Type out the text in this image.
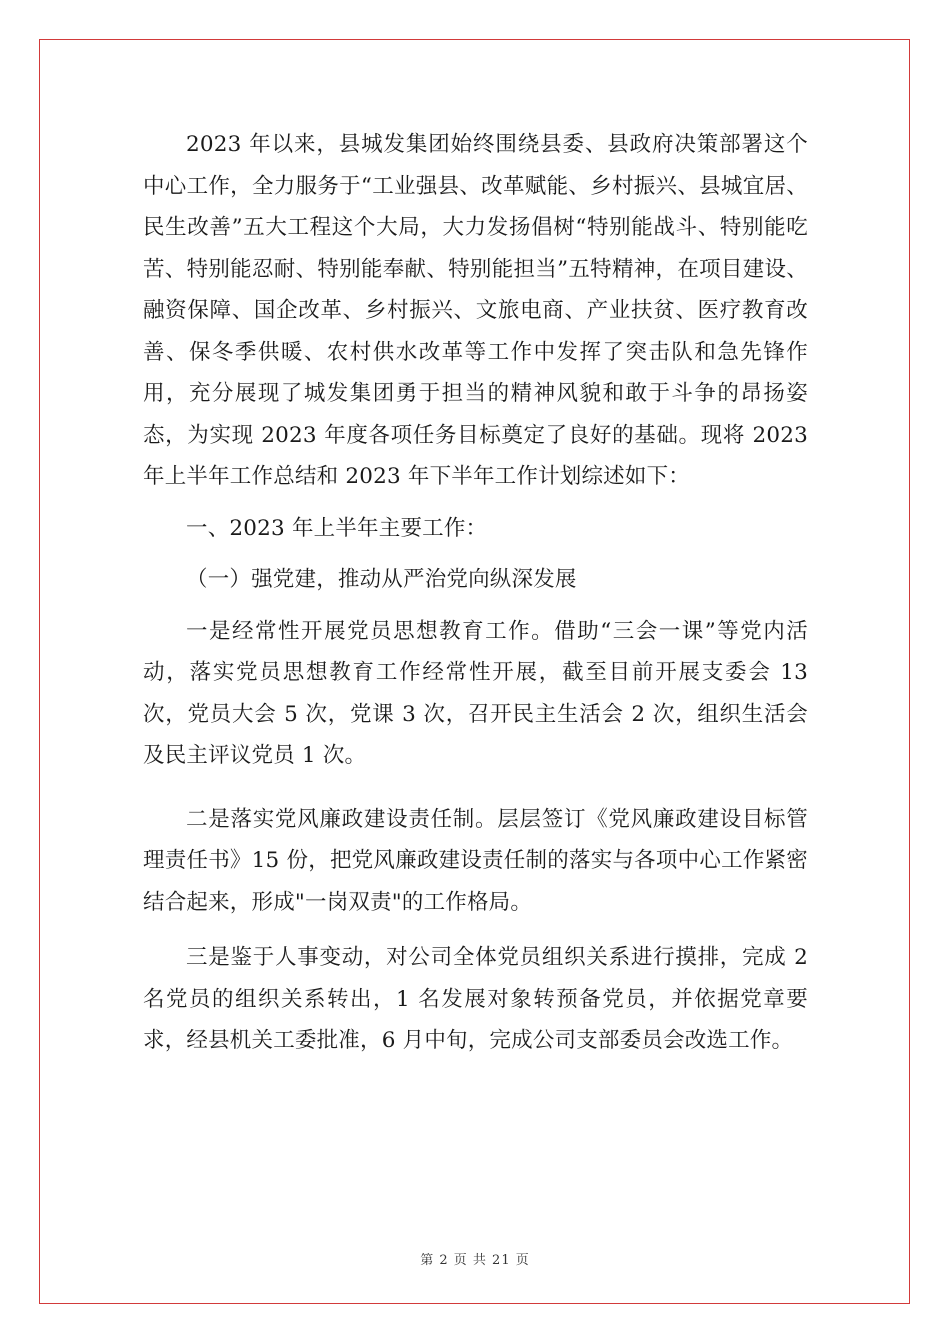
2023 年以来，县城发集团始终围绕县委、县政府决策部署这个中心工作，全力服务于“工业强县、改革赋能、乡村振兴、县城宜居、民生改善”五大工程这个大局，大力发扬倡树“特别能战斗、特别能吃苦、特别能忍耐、特别能奉献、特别能担当”五特精神，在项目建设、融资保障、国企改革、乡村振兴、文旅电商、产业扶贫、医疗教育改善、保冬季供暖、农村供水改革等工作中发挥了突击队和急先锋作用，充分展现了城发集团勇于担当的精神风貌和敢于斗争的昂扬姿态，为实现 2023 年度各项任务目标奠定了良好的基础。现将 2023 年上半年工作总结和 2023 年下半年工作计划综述如下：

一、2023 年上半年主要工作：

（一）强党建，推动从严治党向纵深发展

一是经常性开展党员思想教育工作。借助“三会一课”等党内活动，落实党员思想教育工作经常性开展，截至目前开展支委会 13 次，党员大会 5 次，党课 3 次，召开民主生活会 2 次，组织生活会及民主评议党员 1 次。

二是落实党风廉政建设责任制。层层签订《党风廉政建设目标管理责任书》15 份，把党风廉政建设责任制的落实与各项中心工作紧密结合起来，形成"一岗双责"的工作格局。

三是鉴于人事变动，对公司全体党员组织关系进行摸排，完成 2 名党员的组织关系转出，1 名发展对象转预备党员，并依据党章要求，经县机关工委批准，6 月中旬，完成公司支部委员会改选工作。

第 2 页 共 21 页
